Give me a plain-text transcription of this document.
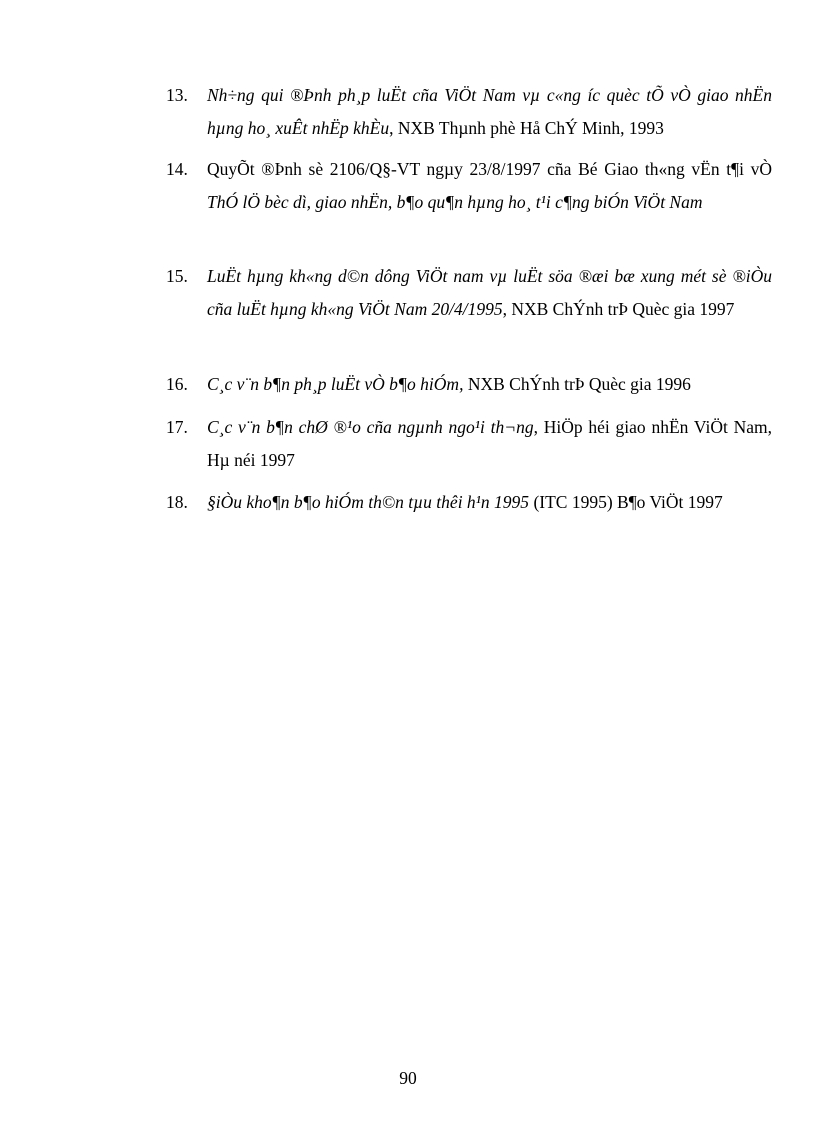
13.	Nh÷ng qui ®Þnh ph¸p luËt cña ViÖt Nam vµ c«ng íc quèc tÕ vÒ giao nhËn hµng ho¸ xuÊt nhËp khÈu, NXB Thµnh phè Hå ChÝ Minh, 1993
14.	QuyÕt ®Þnh sè 2106/Q§-VT ngµy 23/8/1997 cña Bé Giao th«ng vËn t¶i vÒ ThÓ lÖ bèc dì, giao nhËn, b¶o qu¶n hµng ho¸ t¹i c¶ng biÓn ViÖt Nam
15.	LuËt hµng kh«ng d©n dông ViÖt nam vµ luËt söa ®æi bæ xung mét sè ®iÒu cña luËt hµng kh«ng ViÖt Nam 20/4/1995, NXB ChÝnh trÞ Quèc gia 1997
16.	C¸c v¨n b¶n ph¸p luËt vÒ b¶o hiÓm, NXB ChÝnh trÞ Quèc gia 1996
17.	C¸c v¨n b¶n chØ ®¹o cña ngµnh ngo¹i th¬ng, HiÖp héi giao nhËn ViÖt Nam, Hµ néi 1997
18.	§iÒu kho¶n b¶o hiÓm th©n tµu thêi h¹n 1995 (ITC 1995) B¶o ViÖt 1997
90
